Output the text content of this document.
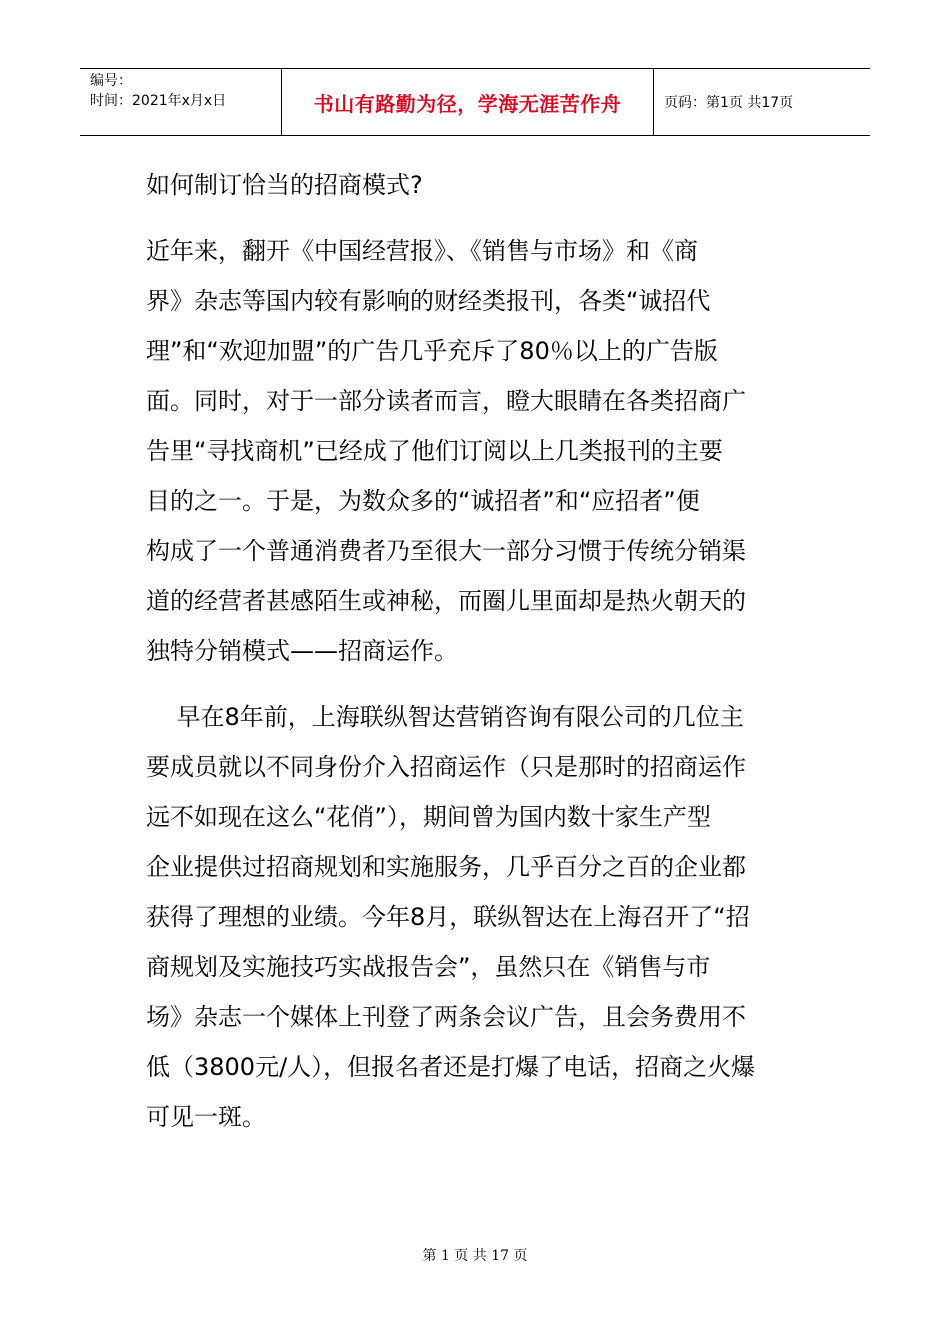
编号：
时间：2021年x月x日	书山有路勤为径，学海无涯苦作舟	页码：第1页 共17页

如何制订恰当的招商模式?

近年来，翻开《中国经营报》、《销售与市场》和《商
界》杂志等国内较有影响的财经类报刊，各类“诚招代
理”和“欢迎加盟”的广告几乎充斥了80％以上的广告版
面。同时，对于一部分读者而言，瞪大眼睛在各类招商广
告里“寻找商机”已经成了他们订阅以上几类报刊的主要
目的之一。于是，为数众多的“诚招者”和“应招者”便
构成了一个普通消费者乃至很大一部分习惯于传统分销渠
道的经营者甚感陌生或神秘，而圈儿里面却是热火朝天的
独特分销模式——招商运作。

早在8年前，上海联纵智达营销咨询有限公司的几位主
要成员就以不同身份介入招商运作（只是那时的招商运作
远不如现在这么“花俏”），期间曾为国内数十家生产型
企业提供过招商规划和实施服务，几乎百分之百的企业都
获得了理想的业绩。今年8月，联纵智达在上海召开了“招
商规划及实施技巧实战报告会”，虽然只在《销售与市
场》杂志一个媒体上刊登了两条会议广告，且会务费用不
低（3800元/人），但报名者还是打爆了电话，招商之火爆
可见一斑。

第 1 页 共 17 页
